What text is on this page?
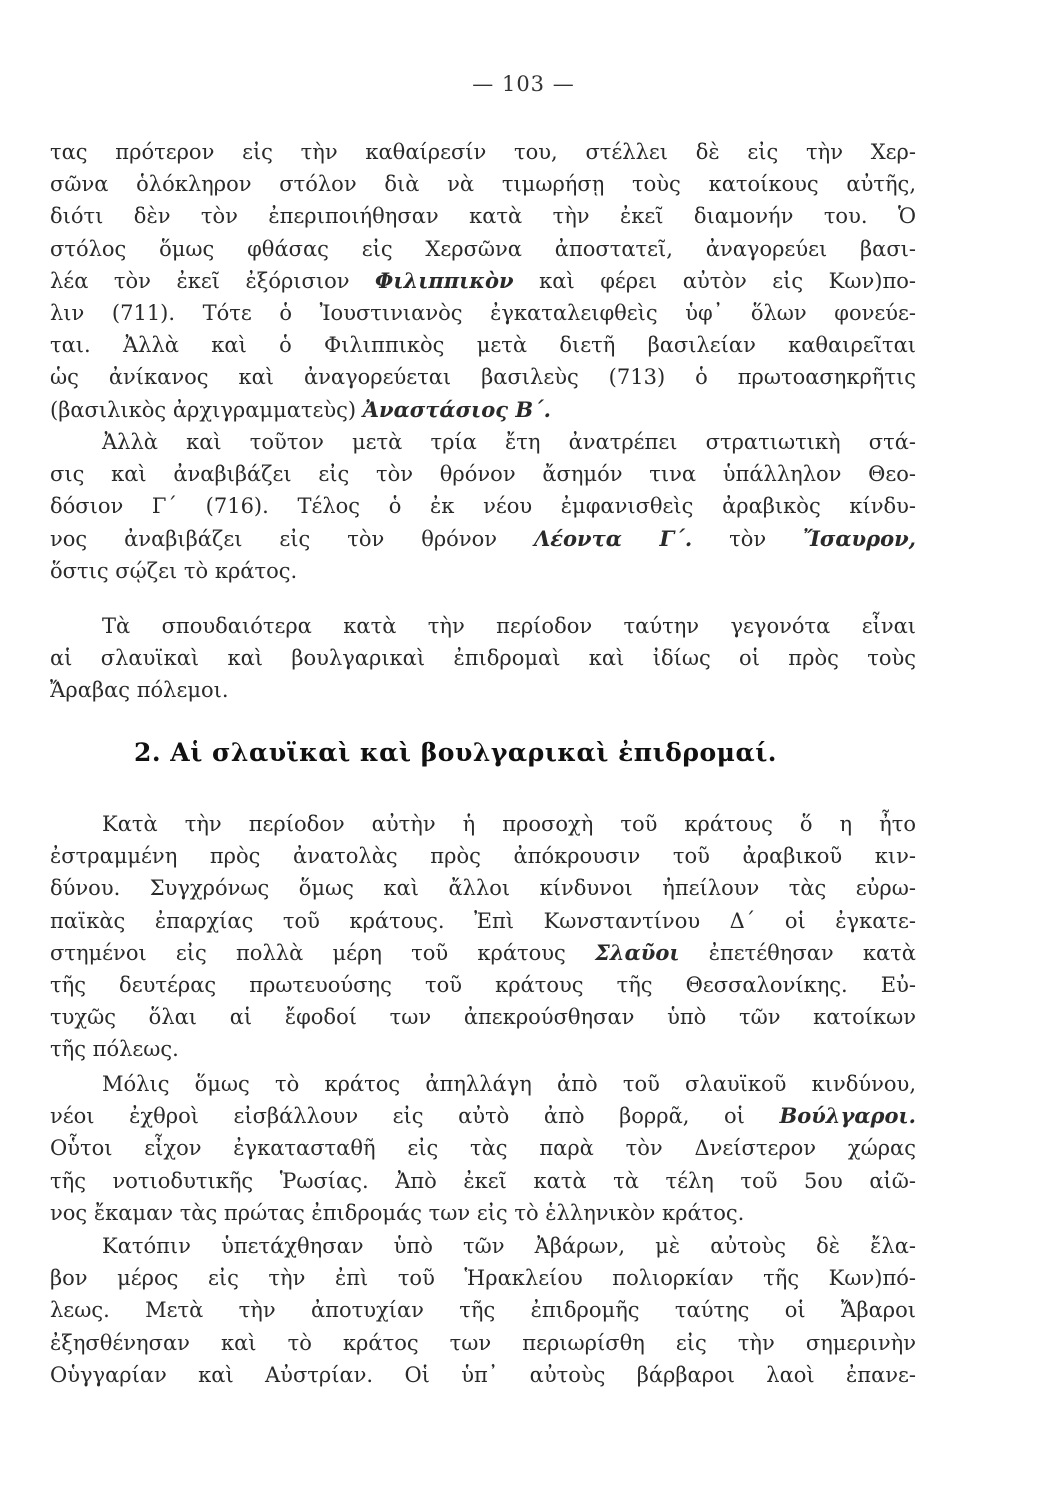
— 103 —
τας πρότερον εἰς τὴν καθαίρεσίν του, στέλλει δὲ εἰς τὴν Χερ-
σῶνα ὁλόκληρον στόλον διὰ νὰ τιμωρήσῃ τοὺς κατοίκους αὐτῆς,
διότι δὲν τὸν ἐπεριποιήθησαν κατὰ τὴν ἐκεῖ διαμονήν του. Ὁ
στόλος ὅμως φθάσας εἰς Χερσῶνα ἀποστατεῖ, ἀναγορεύει βασι-
λέα τὸν ἐκεῖ ἐξόρισιον Φιλιππικὸν καὶ φέρει αὐτὸν εἰς Κων)πο-
λιν (711). Τότε ὁ Ἰουστινιανὸς ἐγκαταλειφθεὶς ὑφ᾽ ὅλων φονεύε-
ται. Ἀλλὰ καὶ ὁ Φιλιππικὸς μετὰ διετῆ βασιλείαν καθαιρεῖται
ὡς ἀνίκανος καὶ ἀναγορεύεται βασιλεὺς (713) ὁ πρωτοασηκρῆτις
(βασιλικὸς ἀρχιγραμματεὺς) Ἀναστάσιος Β΄.
Ἀλλὰ καὶ τοῦτον μετὰ τρία ἔτη ἀνατρέπει στρατιωτικὴ στά-
σις καὶ ἀναβιβάζει εἰς τὸν θρόνον ἄσημόν τινα ὑπάλληλον Θεο-
δόσιον Γ΄ (716). Τέλος ὁ ἐκ νέου ἐμφανισθεὶς ἀραβικὸς κίνδυ-
νος ἀναβιβάζει εἰς τὸν θρόνον Λέοντα Γ΄. τὸν Ἴσαυρον,
ὅστις σῴζει τὸ κράτος.
Τὰ σπουδαιότερα κατὰ τὴν περίοδον ταύτην γεγονότα εἶναι
αἱ σλαυϊκαὶ καὶ βουλγαρικαὶ ἐπιδρομαὶ καὶ ἰδίως οἱ πρὸς τοὺς
Ἄραβας πόλεμοι.
2. Αἱ σλαυϊκαὶ καὶ βουλγαρικαὶ ἐπιδρομαί.
Κατὰ τὴν περίοδον αὐτὴν ἡ προσοχὴ τοῦ κράτους ὅ η ἦτο
ἐστραμμένη πρὸς ἀνατολὰς πρὸς ἀπόκρουσιν τοῦ ἀραβικοῦ κιν-
δύνου. Συγχρόνως ὅμως καὶ ἄλλοι κίνδυνοι ἠπείλουν τὰς εὐρω-
παϊκὰς ἐπαρχίας τοῦ κράτους. Ἐπὶ Κωνσταντίνου Δ΄ οἱ ἐγκατε-
στημένοι εἰς πολλὰ μέρη τοῦ κράτους Σλαῦοι ἐπετέθησαν κατὰ
τῆς δευτέρας πρωτευούσης τοῦ κράτους τῆς Θεσσαλονίκης. Εὐ-
τυχῶς ὅλαι αἱ ἔφοδοί των ἀπεκρούσθησαν ὑπὸ τῶν κατοίκων
τῆς πόλεως.
Μόλις ὅμως τὸ κράτος ἀπηλλάγη ἀπὸ τοῦ σλαυϊκοῦ κινδύνου,
νέοι ἐχθροὶ εἰσβάλλουν εἰς αὐτὸ ἀπὸ βορρᾶ, οἱ Βούλγαροι.
Οὗτοι εἶχον ἐγκατασταθῆ εἰς τὰς παρὰ τὸν Δνείστερον χώρας
τῆς νοτιοδυτικῆς Ῥωσίας. Ἀπὸ ἐκεῖ κατὰ τὰ τέλη τοῦ 5ου αἰῶ-
νος ἔκαμαν τὰς πρώτας ἐπιδρομάς των εἰς τὸ ἑλληνικὸν κράτος.
Κατόπιν ὑπετάχθησαν ὑπὸ τῶν Ἀβάρων, μὲ αὐτοὺς δὲ ἔλα-
βον μέρος εἰς τὴν ἐπὶ τοῦ Ἡρακλείου πολιορκίαν τῆς Κων)πό-
λεως. Μετὰ τὴν ἀποτυχίαν τῆς ἐπιδρομῆς ταύτης οἱ Ἄβαροι
ἐξησθένησαν καὶ τὸ κράτος των περιωρίσθη εἰς τὴν σημερινὴν
Οὑγγαρίαν καὶ Αὐστρίαν. Οἱ ὑπ᾽ αὐτοὺς βάρβαροι λαοὶ ἐπανε-
